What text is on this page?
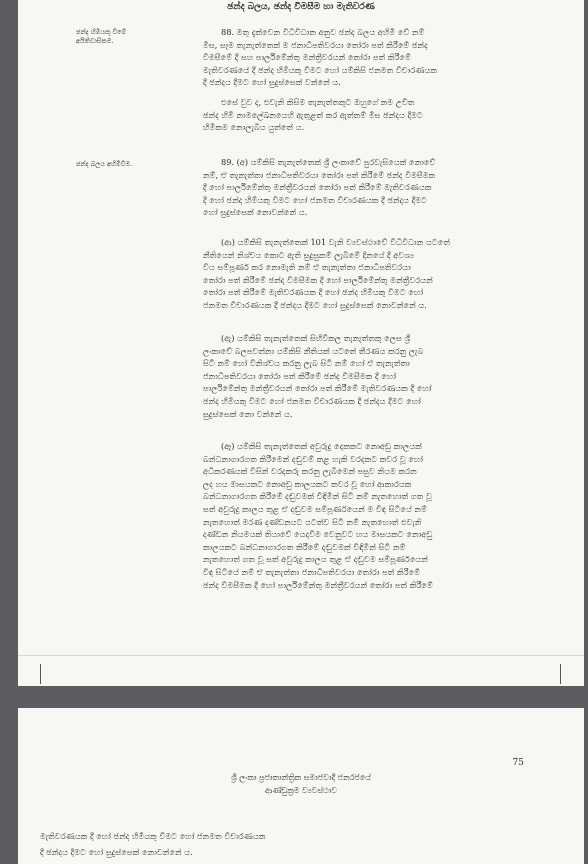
ඡන්ද බලය, ඡන්ද විමසීම හා මැතිවරණ
ඡන්ද හිමියකු වීමේ අයිතිවාසිකම.
ඡන්ද බලය අහිමිවීම.
88. මතු දැක්වෙන විධිවිධාන අනුව ඡන්ද බලය අහිමි වේ නම්
මිස, සෑම තැනැත්තෙක් ම ජනාධිපතිවරයා තෝරා පත් කිරීමේ ඡන්ද
විමසීමේ දී සහ පාර්ලිමේන්තු මන්ත්‍රීවරයන් තෝරා පත් කිරීමේ
මැතිවරණයේ දී ඡන්ද හිමියකු වීමට හෝ යම්කිසි ජනමත විචාරණයක
දී ඡන්දය දීමට හෝ සුදුස්සෙක් වන්නේ ය.
එසේ වුව ද, එවැනි කිසිම තැනැත්තකුට ඔහුගේ නම උචිත
ඡන්ද හිමි නාමලේඛනයෙහි ඇතුළත් කර ඇත්තම් මිස ඡන්දය දීමට
හිමිකම නොලැබිය යුත්තේ ය.
89. (අ) යම්කිසි තැනැත්තෙක් ශ්‍රී ලංකාවේ පුරවැසියෙක් නොවේ
නම්, ඒ තැනැත්තා ජනාධිපතිවරයා තෝරා පත් කිරීමේ ඡන්ද විමසීමක
දී හෝ පාර්ලිමේන්තු මන්ත්‍රීවරයන් තෝරා පත් කිරීමේ මැතිවරණයක
දී හෝ ඡන්ද හිමියකු වීමට හෝ ජනමත විචාරණයක දී ඡන්දය දීමට
හෝ සුදුස්සෙක් නොවන්නේ ය.
(ආ) යම්කිසි තැනැත්තෙක් 101 වැනි ව්‍යවස්ථාවේ විධිවිධාන යටතේ
නීතියෙන් නිශ්චය කොට ඇති සුදුසුකම් ලැබීමේ දිනයේ දී අවශ්‍ය
විය සම්පූර්ණ කර නොමැති නම් ඒ තැනැත්තා ජනාධිපතිවරයා
තෝරා පත් කිරීමේ ඡන්ද විමසීමක දී හෝ පාර්ලිමේන්තු මන්ත්‍රීවරයන්
තෝරා පත් කිරීමේ මැතිවරණයක දී හෝ ඡන්ද හිමියකු වීමට හෝ
ජනමත විචාරණයක දී ඡන්දය දීමට හෝ සුදුස්සෙක් නොවන්නේ ය.
(ඇ) යම්කිසි තැනැත්තෙක් සිහිවිකල තැනැත්තකු ලෙස ශ්‍රී
ලංකාවේ බලපවත්නා යම්කිසි නීතියක් යටතේ තීරණය කරනු ලැබ
සිටී නම් හෝ විනිශ්චය කරනු ලැබ සිටී නම් හෝ ඒ තැනැත්තා
ජනාධිපතිවරයා තෝරා පත් කිරීමේ ඡන්ද විමසීමක දී හෝ
පාර්ලිමේන්තු මන්ත්‍රීවරයන් තෝරා පත් කිරීමේ මැතිවරණයක දී හෝ
ඡන්ද හිමියකු වීමට හෝ ජනමත විචාරණයක දී ඡන්දය දීමට හෝ
සුදුස්සෙක් නො වන්නේ ය.
(ඈ) යම්කිසි තැනැත්තෙක් අවුරුදු දෙකකට නොඅඩු කාලයක්
බන්ධනාගාරගත කිරීමෙන් දඬුවම් කළ හැකි වරදකට කවර වූ හෝ
අධිකරණයක් විසින් වරදකරු කරනු ලැබීමෙන් පසුව නියම කරන
ලද හය මාසයකට නොඅඩු කාලයකට කවර වූ හෝ ආකාරයක
බන්ධනාගාරගත කිරීමේ දඬුවමක් විඳිමින් සිටී නම් නැතහොත් ගත වූ
සත් අවුරුදු කාලය තුළ ඒ දඬුවම සම්පූර්ණයෙන් ම විඳ සිටියේ නම්
නැතහොත් මරණ දණ්ඩනයට යටත්ව සිටී නම් නැතහොත් එවැනි
දණ්ඩන නියමයක් තියාවේ යෙදවීම වෙනුවට හය මාසයකට නොඅඩු
කාලයකට බන්ධනාගාරගත කිරීමේ දඬුවමක් විඳිමින් සිටී නම්
නැතහොත් ගත වූ සත් අවුරුදු කාලය තුළ ඒ දඬුවම සම්පූර්ණයෙන්
විඳ සිටියේ නම් ඒ තැනැත්තා ජනාධිපතිවරයා තෝරා පත් කිරීමේ
ඡන්ද විමසීමක දී හෝ පාර්ලිමේන්තු මන්ත්‍රීවරයන් තෝරා පත් කිරීමේ
75
ශ්‍රී ලංකා ප්‍රජාතාන්ත්‍රික සමාජවාදී ජනරජයේ
ආණ්ඩුක්‍රම ව්‍යවස්ථාව
මැතිවරණයක දී හෝ ඡන්ද හිමියකු වීමට හෝ ජනමත විචාරණයක
දී ඡන්දය දීමට හෝ සුදුස්සෙක් නොවන්නේ ය.
